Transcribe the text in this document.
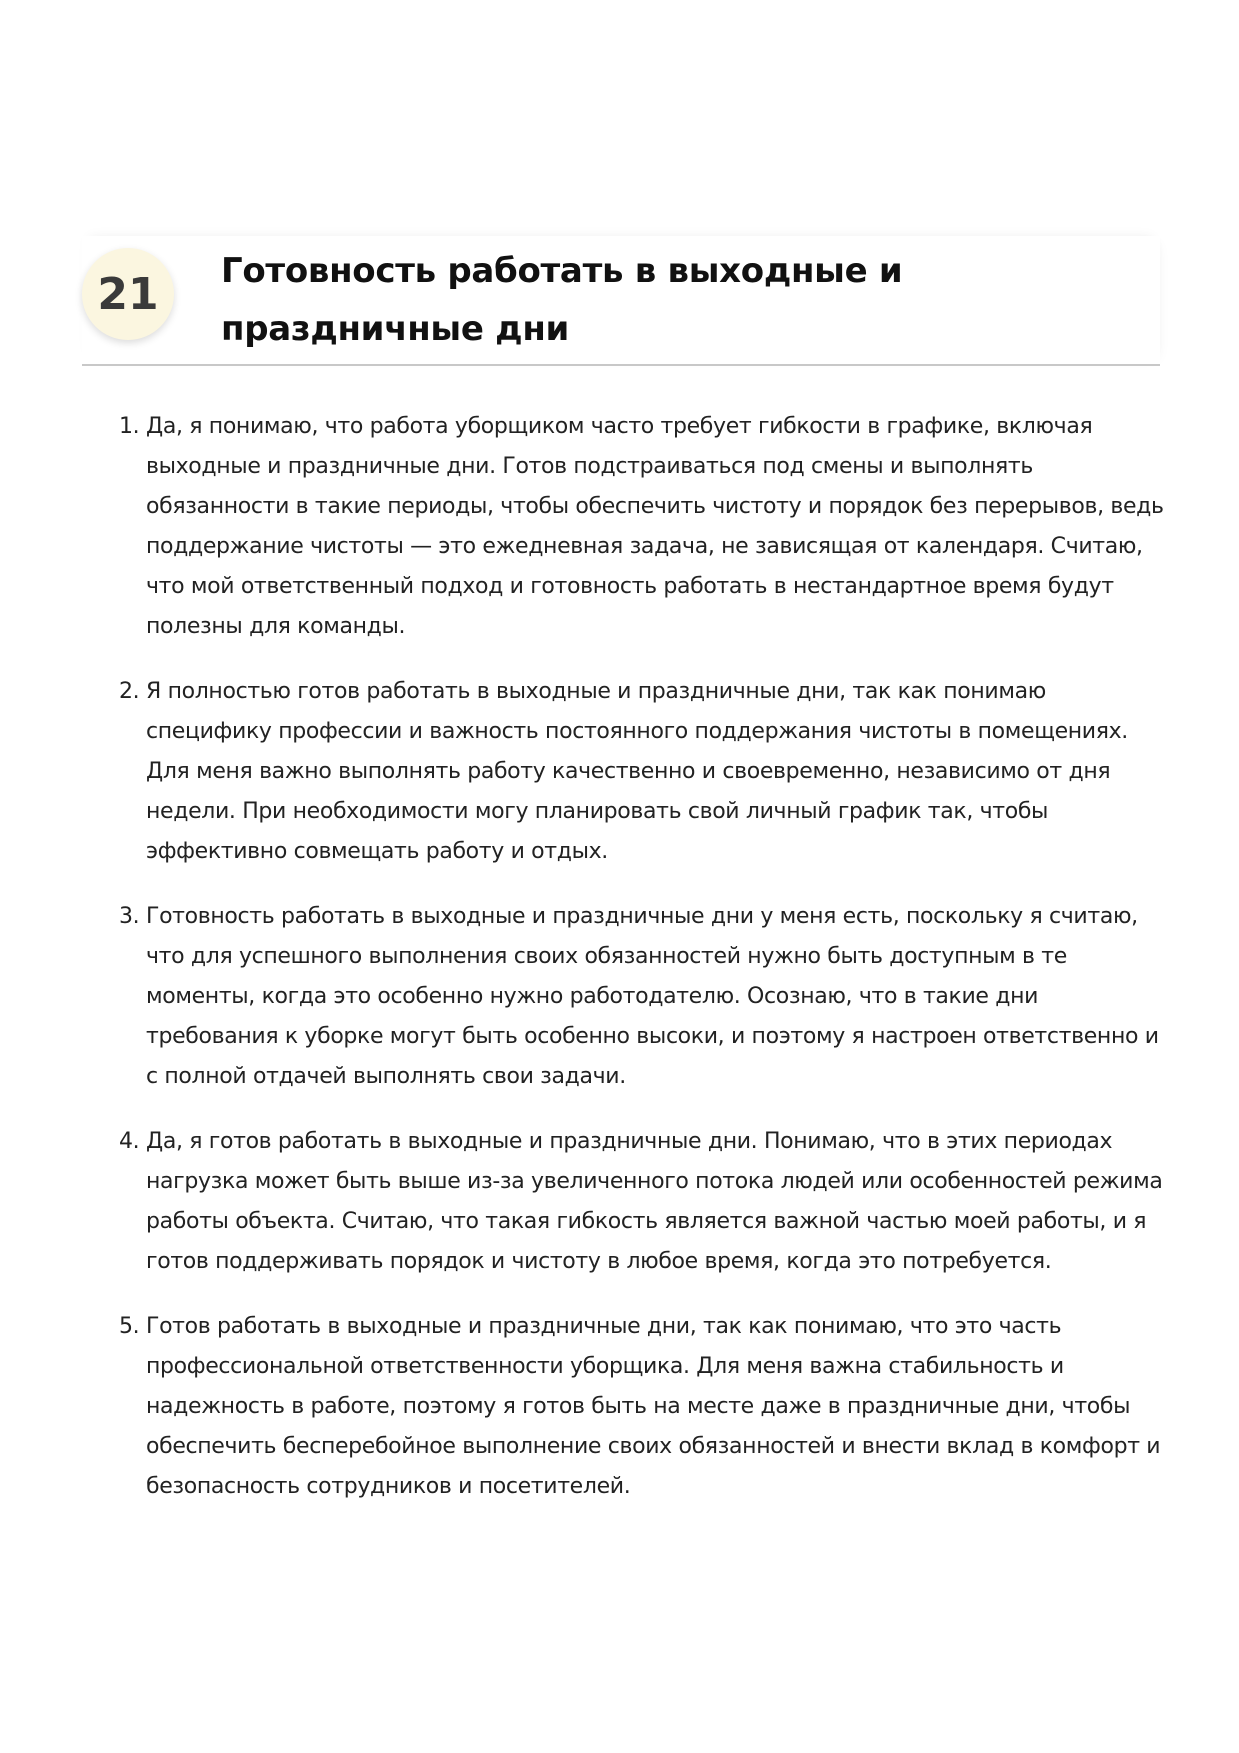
21	Готовность работать в выходные и праздничные дни
1. Да, я понимаю, что работа уборщиком часто требует гибкости в графике, включая выходные и праздничные дни. Готов подстраиваться под смены и выполнять обязанности в такие периоды, чтобы обеспечить чистоту и порядок без перерывов, ведь поддержание чистоты — это ежедневная задача, не зависящая от календаря. Считаю, что мой ответственный подход и готовность работать в нестандартное время будут полезны для команды.
2. Я полностью готов работать в выходные и праздничные дни, так как понимаю специфику профессии и важность постоянного поддержания чистоты в помещениях. Для меня важно выполнять работу качественно и своевременно, независимо от дня недели. При необходимости могу планировать свой личный график так, чтобы эффективно совмещать работу и отдых.
3. Готовность работать в выходные и праздничные дни у меня есть, поскольку я считаю, что для успешного выполнения своих обязанностей нужно быть доступным в те моменты, когда это особенно нужно работодателю. Осознаю, что в такие дни требования к уборке могут быть особенно высоки, и поэтому я настроен ответственно и с полной отдачей выполнять свои задачи.
4. Да, я готов работать в выходные и праздничные дни. Понимаю, что в этих периодах нагрузка может быть выше из-за увеличенного потока людей или особенностей режима работы объекта. Считаю, что такая гибкость является важной частью моей работы, и я готов поддерживать порядок и чистоту в любое время, когда это потребуется.
5. Готов работать в выходные и праздничные дни, так как понимаю, что это часть профессиональной ответственности уборщика. Для меня важна стабильность и надежность в работе, поэтому я готов быть на месте даже в праздничные дни, чтобы обеспечить бесперебойное выполнение своих обязанностей и внести вклад в комфорт и безопасность сотрудников и посетителей.
